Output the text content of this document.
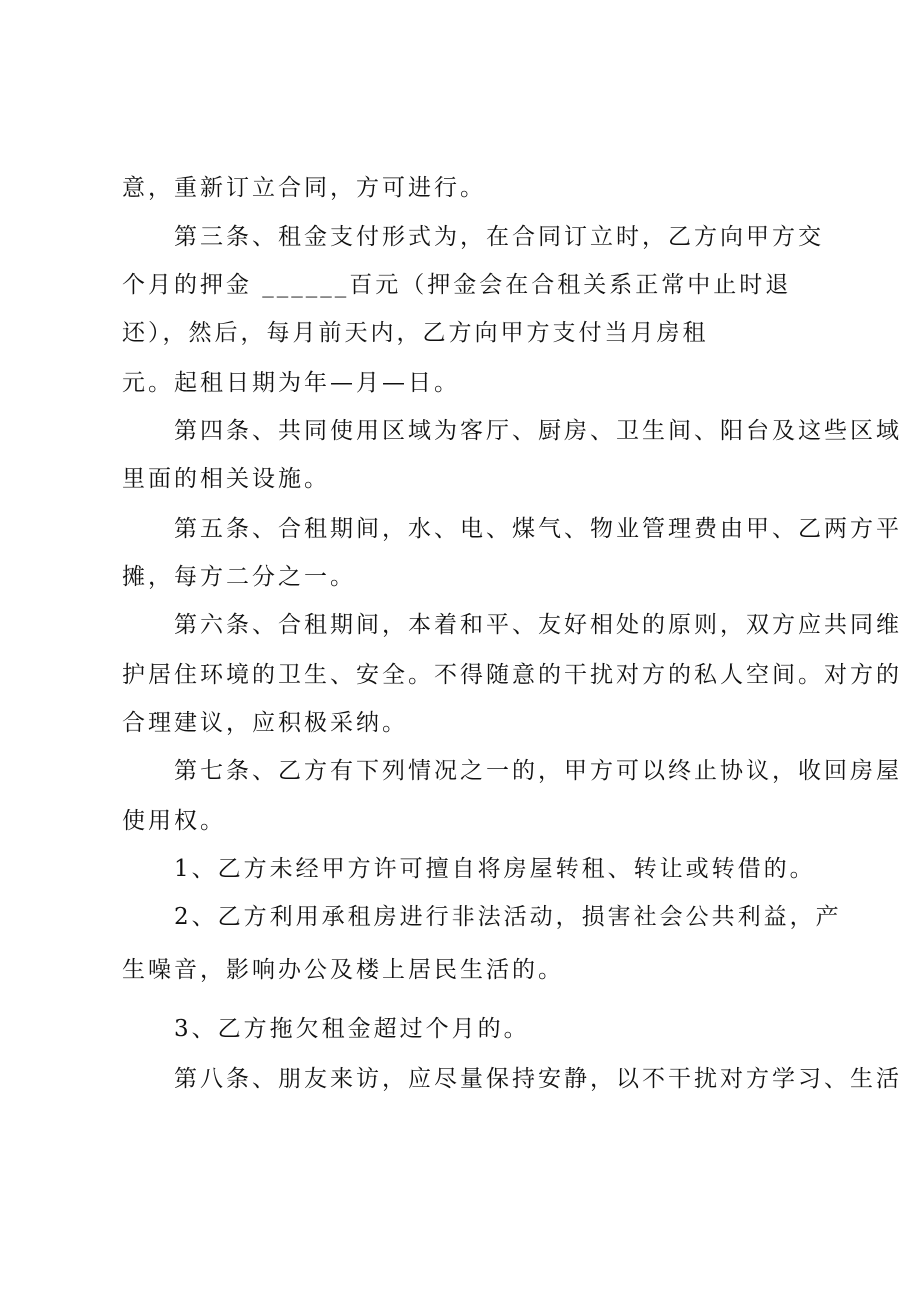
意，重新订立合同，方可进行。
第三条、租金支付形式为，在合同订立时，乙方向甲方交
个月的押金 ______百元（押金会在合租关系正常中止时退
还），然后，每月前天内，乙方向甲方支付当月房租
元。起租日期为年—月—日。
第四条、共同使用区域为客厅、厨房、卫生间、阳台及这些区域
里面的相关设施。
第五条、合租期间，水、电、煤气、物业管理费由甲、乙两方平
摊，每方二分之一。
第六条、合租期间，本着和平、友好相处的原则，双方应共同维
护居住环境的卫生、安全。不得随意的干扰对方的私人空间。对方的
合理建议，应积极采纳。
第七条、乙方有下列情况之一的，甲方可以终止协议，收回房屋
使用权。
1、乙方未经甲方许可擅自将房屋转租、转让或转借的。
2、乙方利用承租房进行非法活动，损害社会公共利益，产
生噪音，影响办公及楼上居民生活的。
3、乙方拖欠租金超过个月的。
第八条、朋友来访，应尽量保持安静，以不干扰对方学习、生活
